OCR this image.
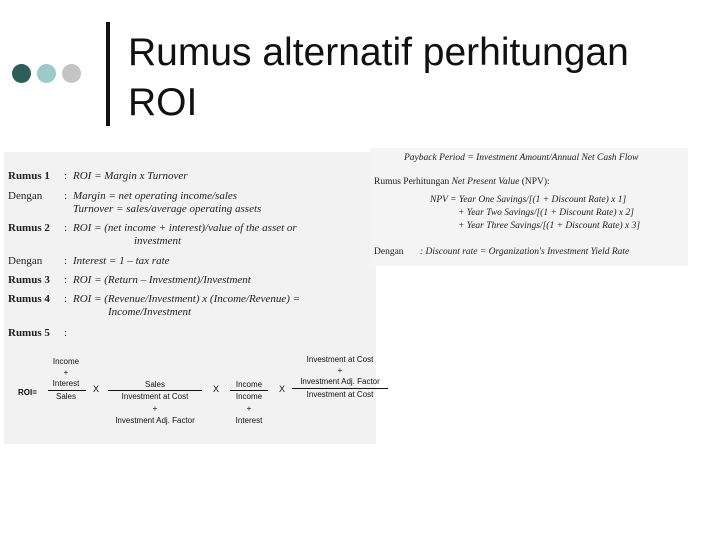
Rumus alternatif perhitungan
ROI
Rumus 1 : ROI = Margin x Turnover
Dengan : Margin = net operating income/sales
Turnover = sales/average operating assets
Rumus 2 : ROI = (net income + interest)/value of the asset or
investment
Dengan : Interest = 1 – tax rate
Rumus 3 : ROI = (Return – Investment)/Investment
Rumus 4 : ROI = (Revenue/Investment) x (Income/Revenue) =
Income/Investment
Rumus 5 :
ROI=
Income
+
Interest
Sales
X	Sales
Investment at Cost
+
Investment Adj. Factor
X	Income
Income
+
Interest
X
Investment at Cost
+
Investment Adj. Factor
Investment at Cost
Payback Period = Investment Amount/Annual Net Cash Flow
Rumus Perhitungan Net Present Value (NPV):
NPV = Year One Savings/[(1 + Discount Rate) x 1]
+ Year Two Savings/[(1 + Discount Rate) x 2]
+ Year Three Savings/[(1 + Discount Rate) x 3]
Dengan : Discount rate = Organization's Investment Yield Rate
